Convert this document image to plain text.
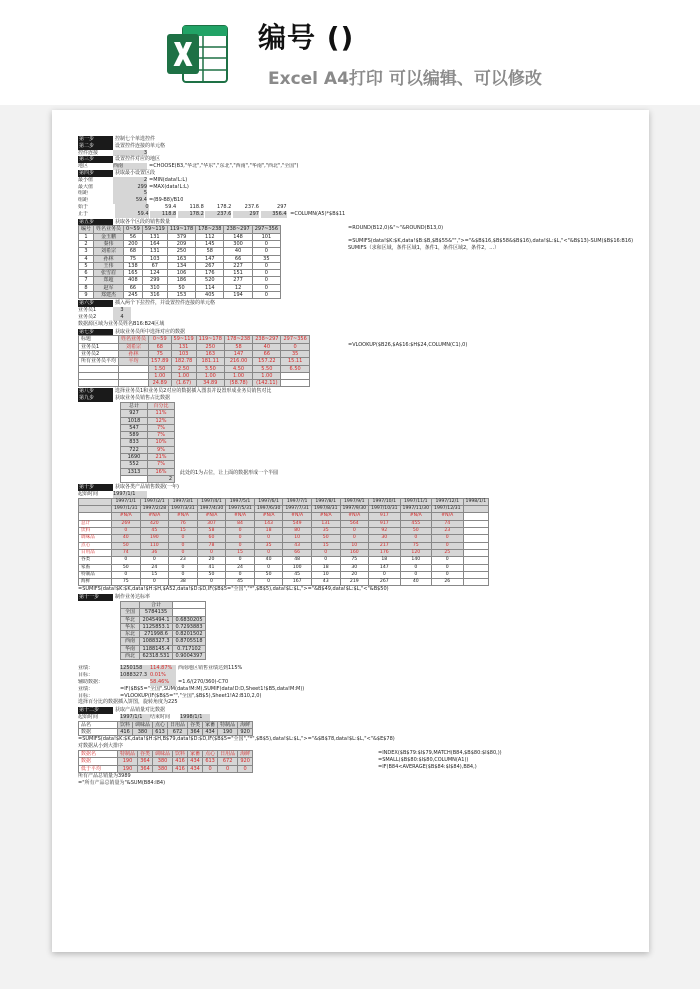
编号 ()
Excel A4打印 可以编辑、可以修改
第一步	控制七个单选控件
第二步	设置控件连接的单元格
控件连接	3
第三步	设置控件对应的地区
地区	西南	=CHOOSE(B3,"华北","华东","东北","西南","华南","西北","全国")
第四步	获取最小设置区段
最小值	2 =MIN(data!L:L)
最大值	299 =MAX(data!L:L)
组距	5
组距	59.4 =(B9-B8)/B10
始于	0	59.4	118.8	178.2	237.6	297
止于	59.4	118.8	178.2	237.6	297	356.4 =COLUMN(A5)*$B$11
第五步	获取各个区段的销售数量
编号	姓名业务员	0~59	59~119	119~178	178~238	238~297	297~356
1	金玉鹏	56	131	379	112	148	101
2	秦伟	200	164	209	145	300	0
3	刘希宗	68	131	250	58	40	0
4	孙林	75	103	163	147	66	35
5	王伟	138	67	134	267	227	0
6	张雪眉	165	124	106	176	151	0
7	郑超	408	299	186	520	277	0
8	赵军	66	310	50	114	12	0
9	郑建杰	245	316	153	405	194	0
=ROUND(B12,0)&"~"&ROUND(B13,0)
=SUMIFS(data!$K:$K,data!$B:$B,$B$55&"",">="&$B$16,$B$58&$B$16),data!$L:$L,"<"&B$13)-SUM($B$16:B16)
SUMIFS（求和区域，条件区域1，条件1，条件区域2，条件2，...）
第六步	插入两个下拉控件，并设置控件连接的单元格
业务员1	3
业务员2	4
数据源区域为业务员姓名B16:B24区域
第七步	获取业务员所中选择对应的数据
标题	姓名业务员	0~59	59~119	119~178	178~238	238~297	297~356
业务员1	刘希宗	68	131	250	58	40	0
业务员2	孙林	75	103	163	147	66	35
所有业务员平均	平均	157.89	182.78	181.11	216.00	157.22	15.11
		1.50	2.50	3.50	4.50	5.50	6.50
		1.00	1.00	1.00	1.00	1.00	
		24.89	(1.67)	34.89	(58.78)	(142.11)	
=VLOOKUP($B26,$A$16:$H$24,COLUMN(C1),0)
第八步	选择业务员1和业务员2对应的数据插入图表并设置形成业务员销售对比
第九步	获取业务员销售占比数据
总计	百分比
927	11%
1018	12%
547	7%
589	7%
833	10%
722	9%
1690	21%
552	7%
1313	16%
	2
此处的1为占位，让上面的数据形成一个半圆
第十步	获取各类产品销售数据(一年)
起始时间	1997/1/1
	1997/1/1	1997/2/1	1997/3/1	1997/4/1	1997/5/1	1997/6/1	1997/7/1	1997/8/1	1997/9/1	1997/10/1	1997/11/1	1997/12/1	1998/1/1
	1997/1/31	1997/2/28	1997/3/31	1997/4/30	1997/5/31	1997/6/30	1997/7/31	1997/8/31	1997/9/30	1997/10/31	1997/11/30	1997/12/31	
	#N/A	#N/A	#N/A	#N/A	#N/A	#N/A	#N/A	#N/A	#N/A	917	#N/A	#N/A	
总计	269	420	76	307	84	143	549	131	564	917	455	74	
饮料	0	45	15	58	0	18	80	35	0	92	50	23	
调味品	40	190	0	60	0	0	10	50	0	30	0	0	
点心	50	110	0	78	0	35	43	15	10	217	75	0	
日用品	74	36	0	0	15	0	66	0	160	176	120	25	
谷类	0	0	23	20	0	40	48	0	75	18	140	0	
家畜	50	24	0	41	24	0	100	18	30	147	0	0	
特制品	0	15	0	50	0	50	45	10	20	0	0	0	
海鲜	75	0	38	0	45	0	167	43	219	267	40	26	
=SUMIFS(data!$K:$K,data!$H:$H,$A52,data!$D:$D,IF($B$5="全国","*",$B$5),data!$L:$L,">="&B$49,data!$L:$L,"<"&B$50)
第十一步	制作业务达标率
	合计	
全国	5784135	
华北	2045494.1	0.6830205
华东	1125853.1	0.7293883
东北	271998.6	0.8201502
西南	1088327.3	0.8705518
华南	1188145.4	0.717102
西北	62318.531	0.9004397
业绩：	1250158 114.87% 西南地区销售业绩达到115%
目标：	1088327.3 0.01%
辅助数据：	58.46% =1.6/(270/360)-C70
业绩：	=IF($B$5="全国",SUM(data!M:M),SUMIF(data!D:D,Sheet1!$B5,data!M:M))
目标：	=VLOOKUP(IF($B$5="","全国",$B$5),Sheet1!A2:B10,2,0)
选择百分比的数据插入饼图，旋转角度为225
第十二步	获取产品销量对比数据
起始时间	1997/1/1 结束时间 1998/1/1
品名	饮料	调味品	点心	日用品	谷类	家畜	特制品	海鲜
数据	416	380	613	672	364	434	190	920
=SUMIFS(data!$K:$K,data!$H:$H,B$79,data!$D:$D,IF($B$5="全国","*",$B$5),data!$L:$L,">="&$B$78,data!$L:$L,"<"&$E$78)
对数据从小到大排序
数据名	特制品	谷类	调味品	饮料	家畜	点心	日用品	海鲜
数据	190	364	380	416	434	613	672	920
低于平均	190	364	380	416	434	0	0	0
=INDEX($B$79:$I$79,MATCH(B84,$B$80:$I$80,))
=SMALL($B$80:$I$80,COLUMN(A1))
=IF(B84<AVERAGE($B$84:$I$84),B84,)
所有产品总销量为3989
="所有产品总销量为"&SUM(B84:I84)
